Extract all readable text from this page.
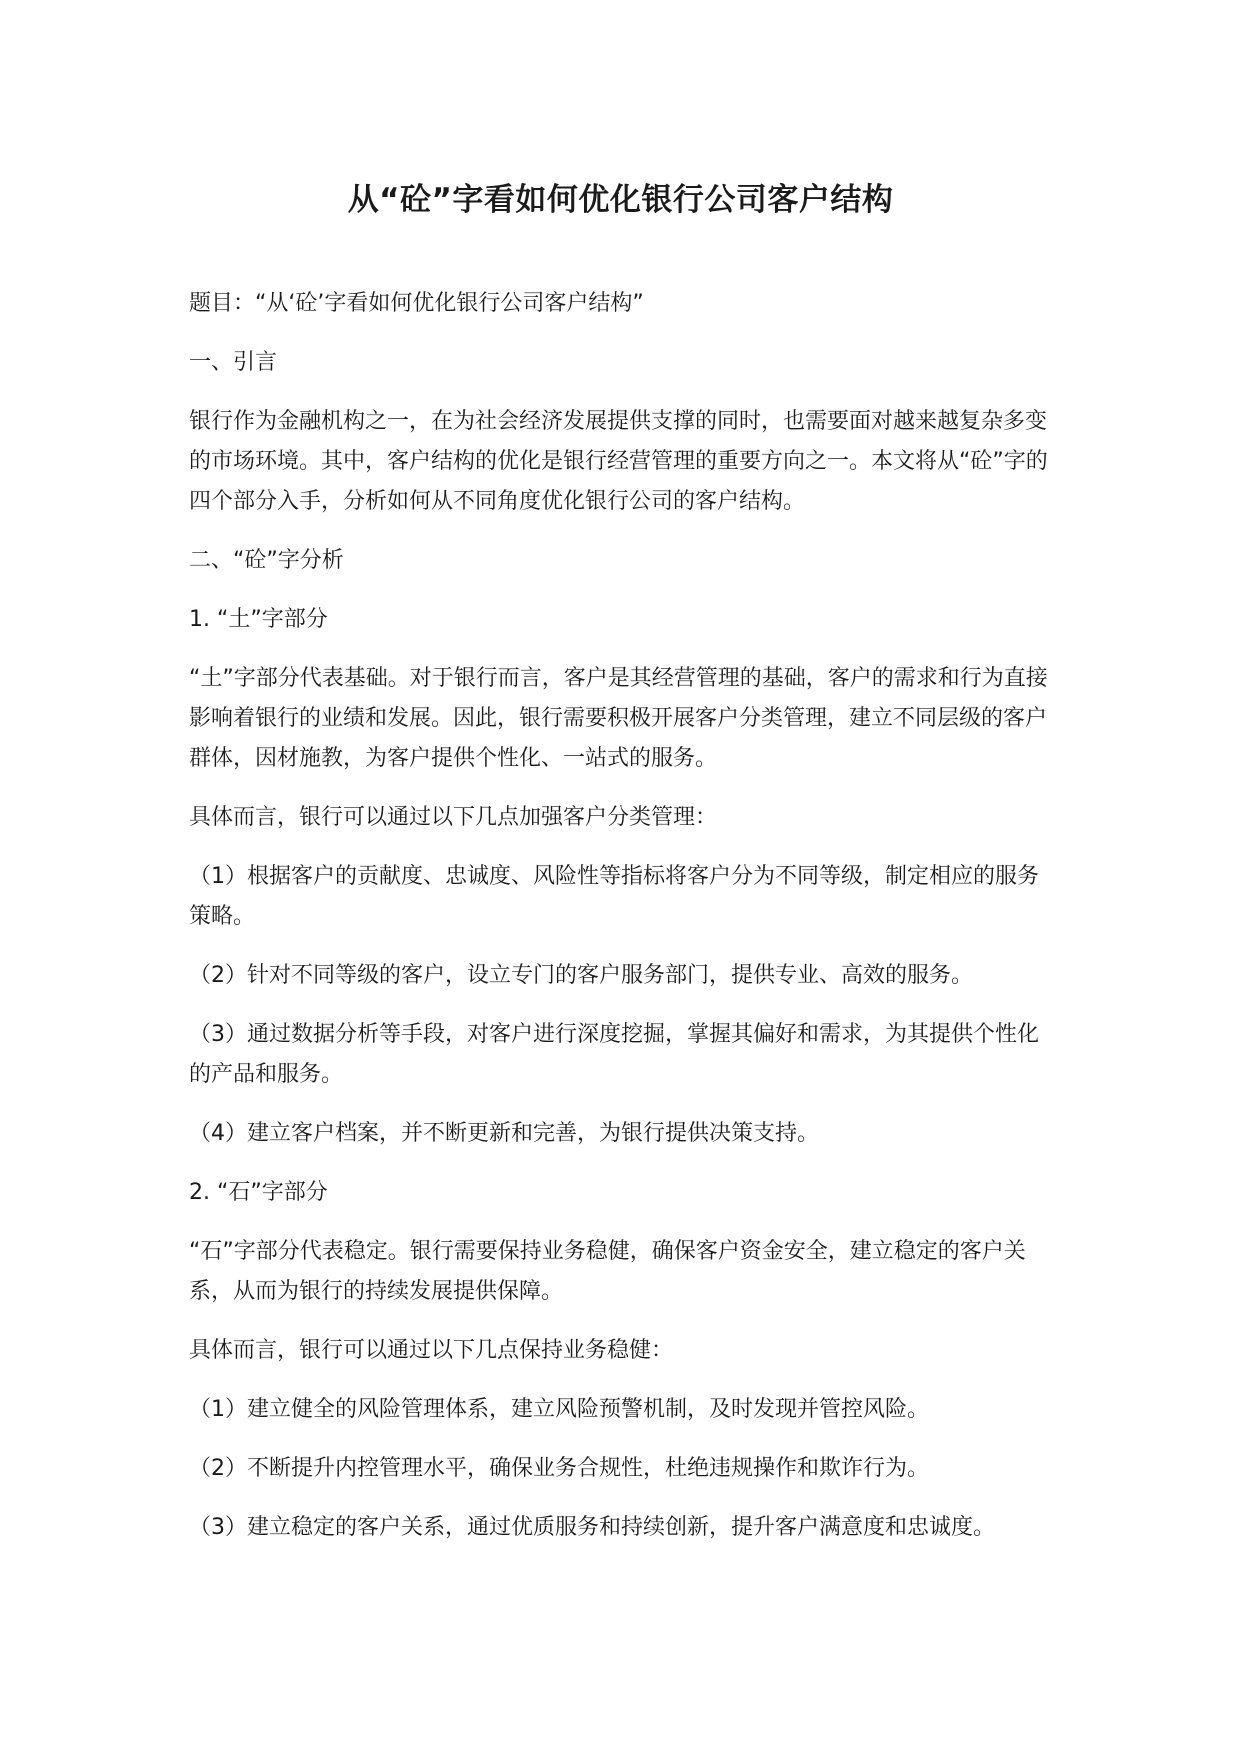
从“砼”字看如何优化银行公司客户结构

题目：“从‘砼’字看如何优化银行公司客户结构”

一、引言

银行作为金融机构之一，在为社会经济发展提供支撑的同时，也需要面对越来越复杂多变的市场环境。其中，客户结构的优化是银行经营管理的重要方向之一。本文将从“砼”字的四个部分入手，分析如何从不同角度优化银行公司的客户结构。

二、“砼”字分析

1. “土”字部分

“土”字部分代表基础。对于银行而言，客户是其经营管理的基础，客户的需求和行为直接影响着银行的业绩和发展。因此，银行需要积极开展客户分类管理，建立不同层级的客户群体，因材施教，为客户提供个性化、一站式的服务。

具体而言，银行可以通过以下几点加强客户分类管理：

（1）根据客户的贡献度、忠诚度、风险性等指标将客户分为不同等级，制定相应的服务策略。

（2）针对不同等级的客户，设立专门的客户服务部门，提供专业、高效的服务。

（3）通过数据分析等手段，对客户进行深度挖掘，掌握其偏好和需求，为其提供个性化的产品和服务。

（4）建立客户档案，并不断更新和完善，为银行提供决策支持。

2. “石”字部分

“石”字部分代表稳定。银行需要保持业务稳健，确保客户资金安全，建立稳定的客户关系，从而为银行的持续发展提供保障。

具体而言，银行可以通过以下几点保持业务稳健：

（1）建立健全的风险管理体系，建立风险预警机制，及时发现并管控风险。

（2）不断提升内控管理水平，确保业务合规性，杜绝违规操作和欺诈行为。

（3）建立稳定的客户关系，通过优质服务和持续创新，提升客户满意度和忠诚度。
